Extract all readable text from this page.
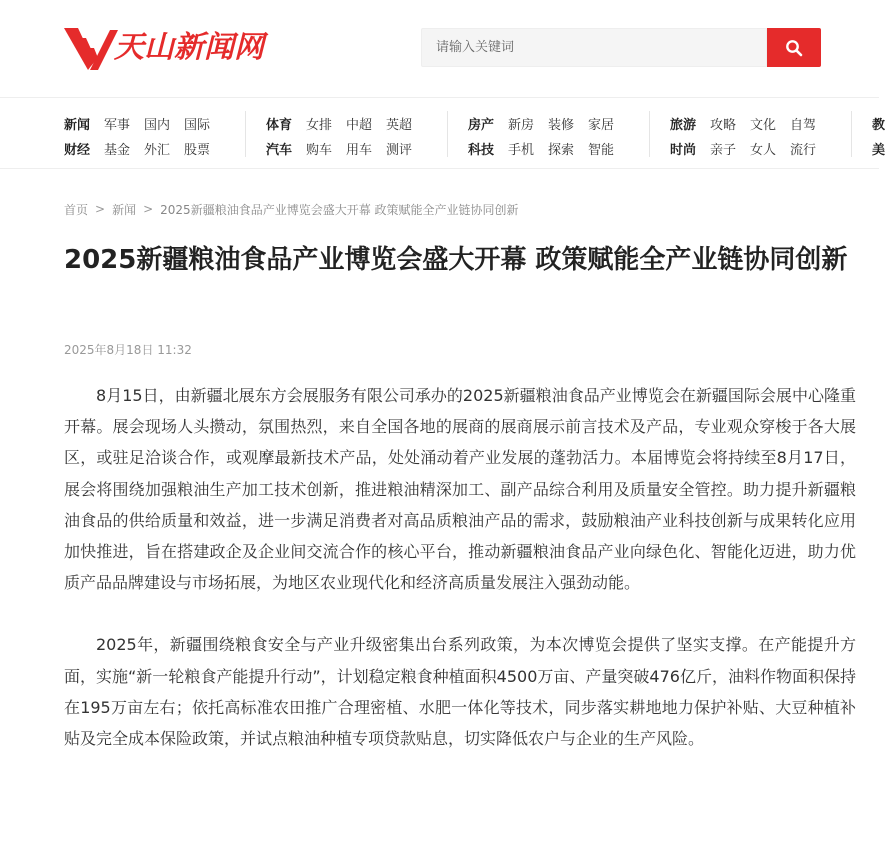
天山新闻网
请输入关键词
新闻 军事 国内 国际
财经 基金 外汇 股票
体育 女排 中超 英超
汽车 购车 用车 测评
房产 新房 装修 家居
科技 手机 探索 智能
旅游 攻略 文化 自驾
时尚 亲子 女人 流行
教
美
首页 > 新闻 > 2025新疆粮油食品产业博览会盛大开幕 政策赋能全产业链协同创新
2025新疆粮油食品产业博览会盛大开幕 政策赋能全产业链协同创新
2025年8月18日 11:32

8月15日，由新疆北展东方会展服务有限公司承办的2025新疆粮油食品产业博览会在新疆国际会展中心隆重开幕。展会现场人头攒动，氛围热烈，来自全国各地的展商的展商展示前言技术及产品，专业观众穿梭于各大展区，或驻足洽谈合作，或观摩最新技术产品，处处涌动着产业发展的蓬勃活力。本届博览会将持续至8月17日，展会将围绕加强粮油生产加工技术创新，推进粮油精深加工、副产品综合利用及质量安全管控。助力提升新疆粮油食品的供给质量和效益，进一步满足消费者对高品质粮油产品的需求，鼓励粮油产业科技创新与成果转化应用加快推进，旨在搭建政企及企业间交流合作的核心平台，推动新疆粮油食品产业向绿色化、智能化迈进，助力优质产品品牌建设与市场拓展，为地区农业现代化和经济高质量发展注入强劲动能。

2025年，新疆围绕粮食安全与产业升级密集出台系列政策，为本次博览会提供了坚实支撑。在产能提升方面，实施“新一轮粮食产能提升行动”，计划稳定粮食种植面积4500万亩、产量突破476亿斤，油料作物面积保持在195万亩左右；依托高标准农田推广合理密植、水肥一体化等技术，同步落实耕地地力保护补贴、大豆种植补贴及完全成本保险政策，并试点粮油种植专项贷款贴息，切实降低农户与企业的生产风险。
